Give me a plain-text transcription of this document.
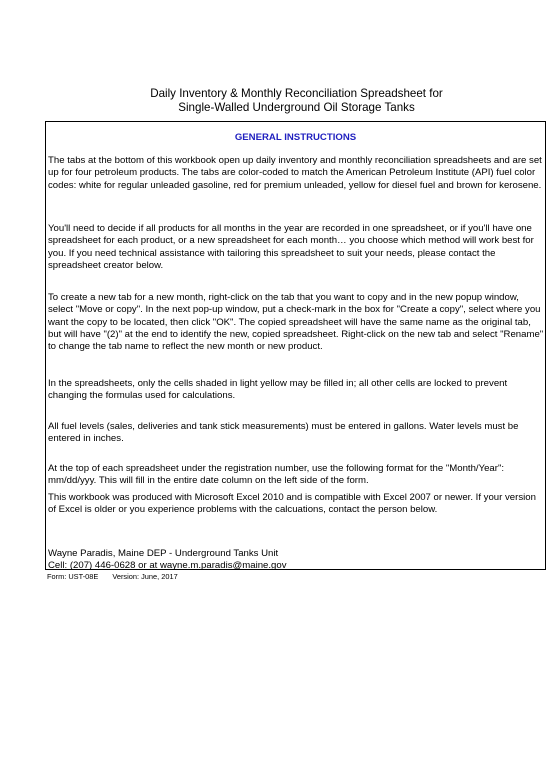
Daily Inventory & Monthly Reconciliation Spreadsheet for
Single-Walled Underground Oil Storage Tanks
GENERAL INSTRUCTIONS

The tabs at the bottom of this workbook open up daily inventory and monthly reconciliation spreadsheets and are set up for four petroleum products. The tabs are color-coded to match the American Petroleum Institute (API) fuel color codes: white for regular unleaded gasoline, red for premium unleaded, yellow for diesel fuel and brown for kerosene.

You'll need to decide if all products for all months in the year are recorded in one spreadsheet, or if you'll have one spreadsheet for each product, or a new spreadsheet for each month… you choose which method will work best for you. If you need technical assistance with tailoring this spreadsheet to suit your needs, please contact the spreadsheet creator below.

To create a new tab for a new month, right-click on the tab that you want to copy and in the new popup window, select "Move or copy". In the next pop-up window, put a check-mark in the box for "Create a copy", select where you want the copy to be located, then click "OK". The copied spreadsheet will have the same name as the original tab, but will have "(2)" at the end to identify the new, copied spreadsheet. Right-click on the new tab and select "Rename" to change the tab name to reflect the new month or new product.

In the spreadsheets, only the cells shaded in light yellow may be filled in; all other cells are locked to prevent changing the formulas used for calculations.

All fuel levels (sales, deliveries and tank stick measurements) must be entered in gallons. Water levels must be entered in inches.

At the top of each spreadsheet under the registration number, use the following format for the "Month/Year": mm/dd/yyy. This will fill in the entire date column on the left side of the form.

This workbook was produced with Microsoft Excel 2010 and is compatible with Excel 2007 or newer. If your version of Excel is older or you experience problems with the calcuations, contact the person below.

Wayne Paradis, Maine DEP - Underground Tanks Unit

Cell: (207) 446-0628 or at wayne.m.paradis@maine.gov

Form: UST-08E Version: June, 2017
